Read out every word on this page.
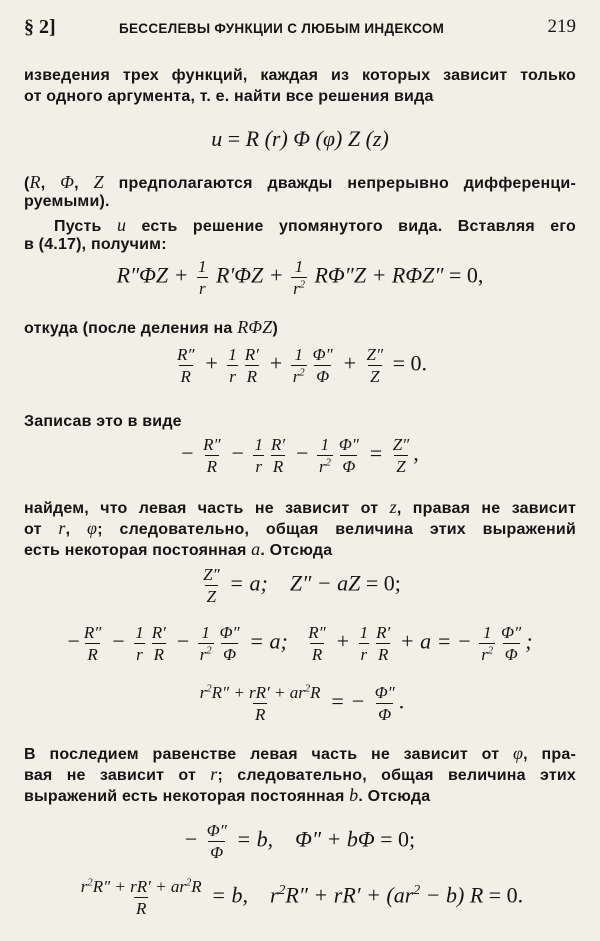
§ 2]	БЕССЕЛЕВЫ ФУНКЦИИ С ЛЮБЫМ ИНДЕКСОМ	219

изведения трех функций, каждая из которых зависит только

от одного аргумента, т. е. найти все решения вида

u = R (r) Φ (φ) Z (z)

(R, Φ, Z предполагаются дважды непрерывно дифференци-

руемыми).

Пусть u есть решение упомянутого вида. Вставляя его

в (4.17), получим:

$R''\Phi Z + \frac{1}{r} R'\Phi Z + \frac{1}{r^2} R\Phi''Z + R\Phi Z'' = 0$,

откуда (после деления на RΦZ)

$\frac{R''}{R} + \frac{1}{r} \frac{R'}{R} + \frac{1}{r^2} \frac{\Phi''}{\Phi} + \frac{Z''}{Z} = 0$.

Записав это в виде

− $\frac{R''}{R} - \frac{1}{r} \frac{R'}{R} - \frac{1}{r^2} \frac{\Phi''}{\Phi} = \frac{Z''}{Z}$ ,

найдем, что левая часть не зависит от z, правая не зависит

от r, φ; следовательно, общая величина этих выражений

есть некоторая постоянная a. Отсюда

$\frac{Z''}{Z} = a$;    Z″ − aZ = 0;
− $\frac{R''}{R} - \frac{1}{r} \frac{R'}{R} - \frac{1}{r^2} \frac{\Phi''}{\Phi} = a$; $\frac{R''}{R} + \frac{1}{r} \frac{R'}{R} + a$ = − $\frac{1}{r^2} \frac{\Phi''}{\Phi}$ ;
$\frac{r^2R'' + rR' + ar^2R}{R}$ = − $\frac{\Phi''}{\Phi}$ .

В последием равенстве левая часть не зависит от φ, пра-

вая не зависит от r; следовательно, общая величина этих

выражений есть некоторая постоянная b. Отсюда

− $\frac{\Phi''}{\Phi} = b$,    Φ″ + bΦ = 0;
$\frac{r^2R'' + rR' + ar^2R}{R} = b$,    $r^2R'' + rR' + (ar^2 - b) R = 0$.
